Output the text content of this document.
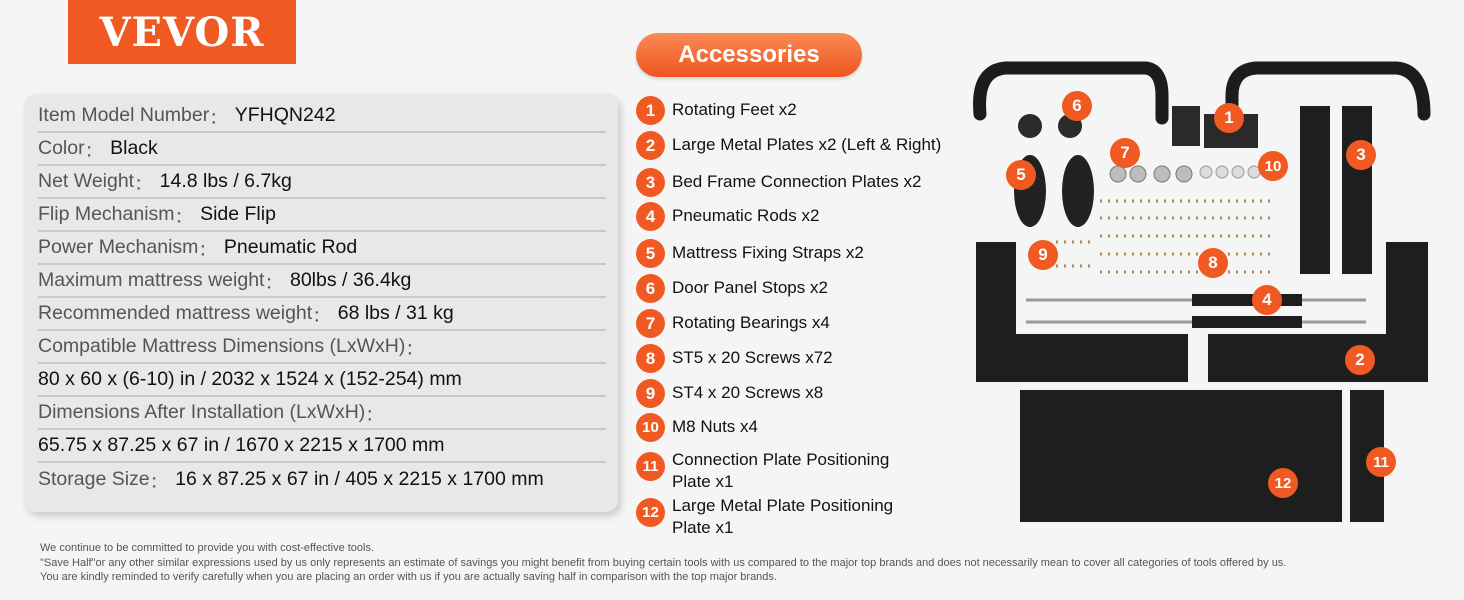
VEVOR
Item Model Number ： YFHQN242
Color ： Black
Net Weight ： 14.8 lbs / 6.7kg
Flip Mechanism ： Side Flip
Power Mechanism ： Pneumatic Rod
Maximum mattress weight ： 80lbs / 36.4kg
Recommended mattress weight ： 68 lbs / 31 kg
Compatible Mattress Dimensions (LxWxH) ：
80 x 60 x (6-10) in / 2032 x 1524 x (152-254) mm
Dimensions After Installation (LxWxH) ：
65.75 x 87.25 x 67 in / 1670 x 2215 x 1700 mm
Storage Size ： 16 x 87.25 x 67 in / 405 x 2215 x 1700 mm
Accessories
1 Rotating Feet x2
2 Large Metal Plates x2 (Left & Right)
3 Bed Frame Connection Plates x2
4 Pneumatic Rods x2
5 Mattress Fixing Straps x2
6 Door Panel Stops x2
7 Rotating Bearings x4
8 ST5 x 20 Screws x72
9 ST4 x 20 Screws x8
10 M8 Nuts x4
11 Connection Plate Positioning Plate x1
12 Large Metal Plate Positioning Plate x1
1
2
3
4
5
6
7
8
9
10
11
12
We continue to be committed to provide you with cost-effective tools.
"Save Half"or any other similar expressions used by us only represents an estimate of savings you might benefit from buying certain tools with us compared to the major top brands and does not necessarily mean to cover all categories of tools offered by us.
You are kindly reminded to verify carefully when you are placing an order with us if you are actually saving half in comparison with the top major brands.
